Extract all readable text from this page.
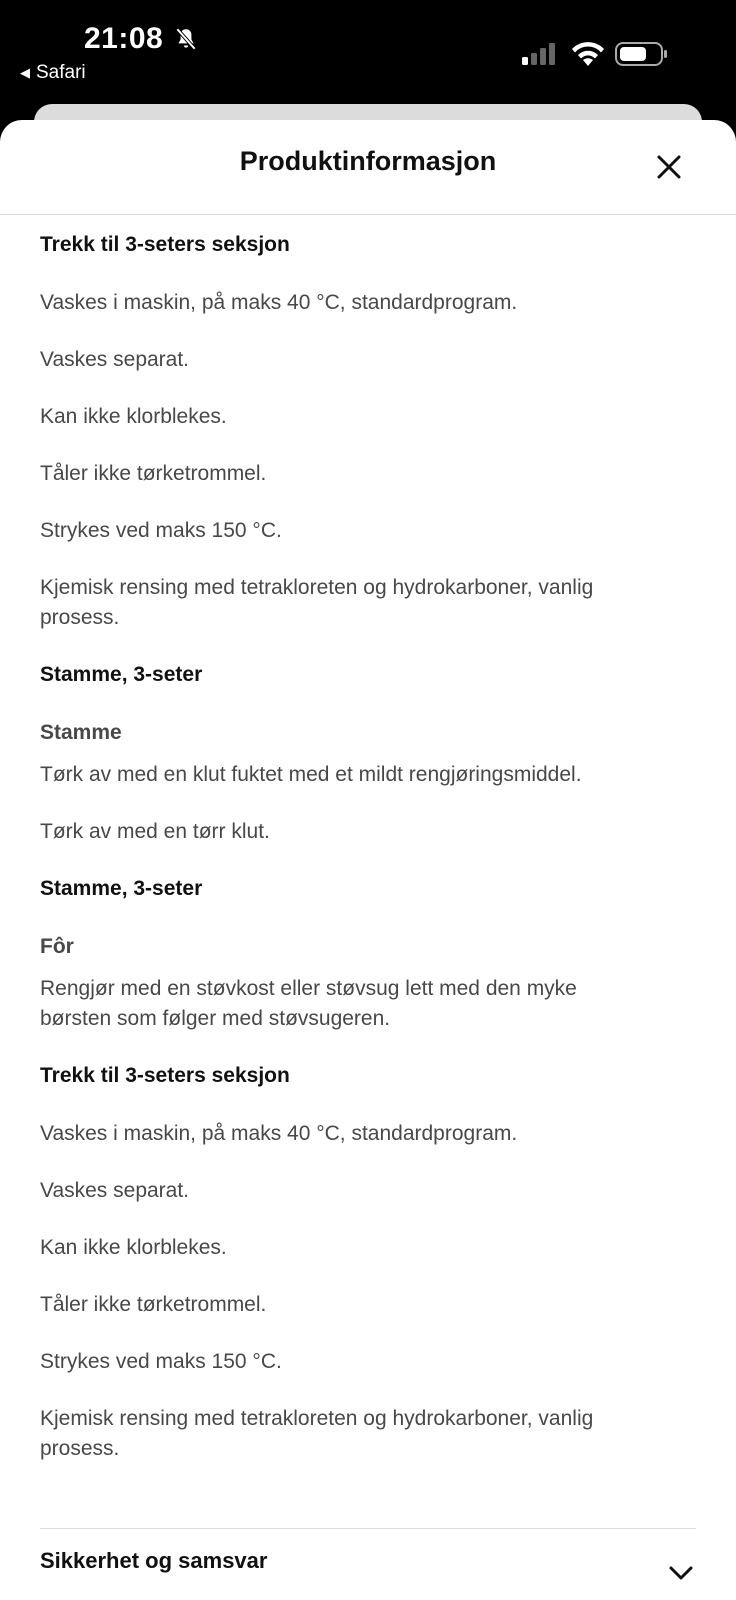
21:08
◀ Safari
Produktinformasjon
Trekk til 3-seters seksjon

Vaskes i maskin, på maks 40 °C, standardprogram.

Vaskes separat.

Kan ikke klorblekes.

Tåler ikke tørketrommel.

Strykes ved maks 150 °C.

Kjemisk rensing med tetrakloreten og hydrokarboner, vanlig prosess.

Stamme, 3-seter
Stamme

Tørk av med en klut fuktet med et mildt rengjøringsmiddel.

Tørk av med en tørr klut.

Stamme, 3-seter
Fôr

Rengjør med en støvkost eller støvsug lett med den myke børsten som følger med støvsugeren.

Trekk til 3-seters seksjon

Vaskes i maskin, på maks 40 °C, standardprogram.

Vaskes separat.

Kan ikke klorblekes.

Tåler ikke tørketrommel.

Strykes ved maks 150 °C.

Kjemisk rensing med tetrakloreten og hydrokarboner, vanlig prosess.

Sikkerhet og samsvar
